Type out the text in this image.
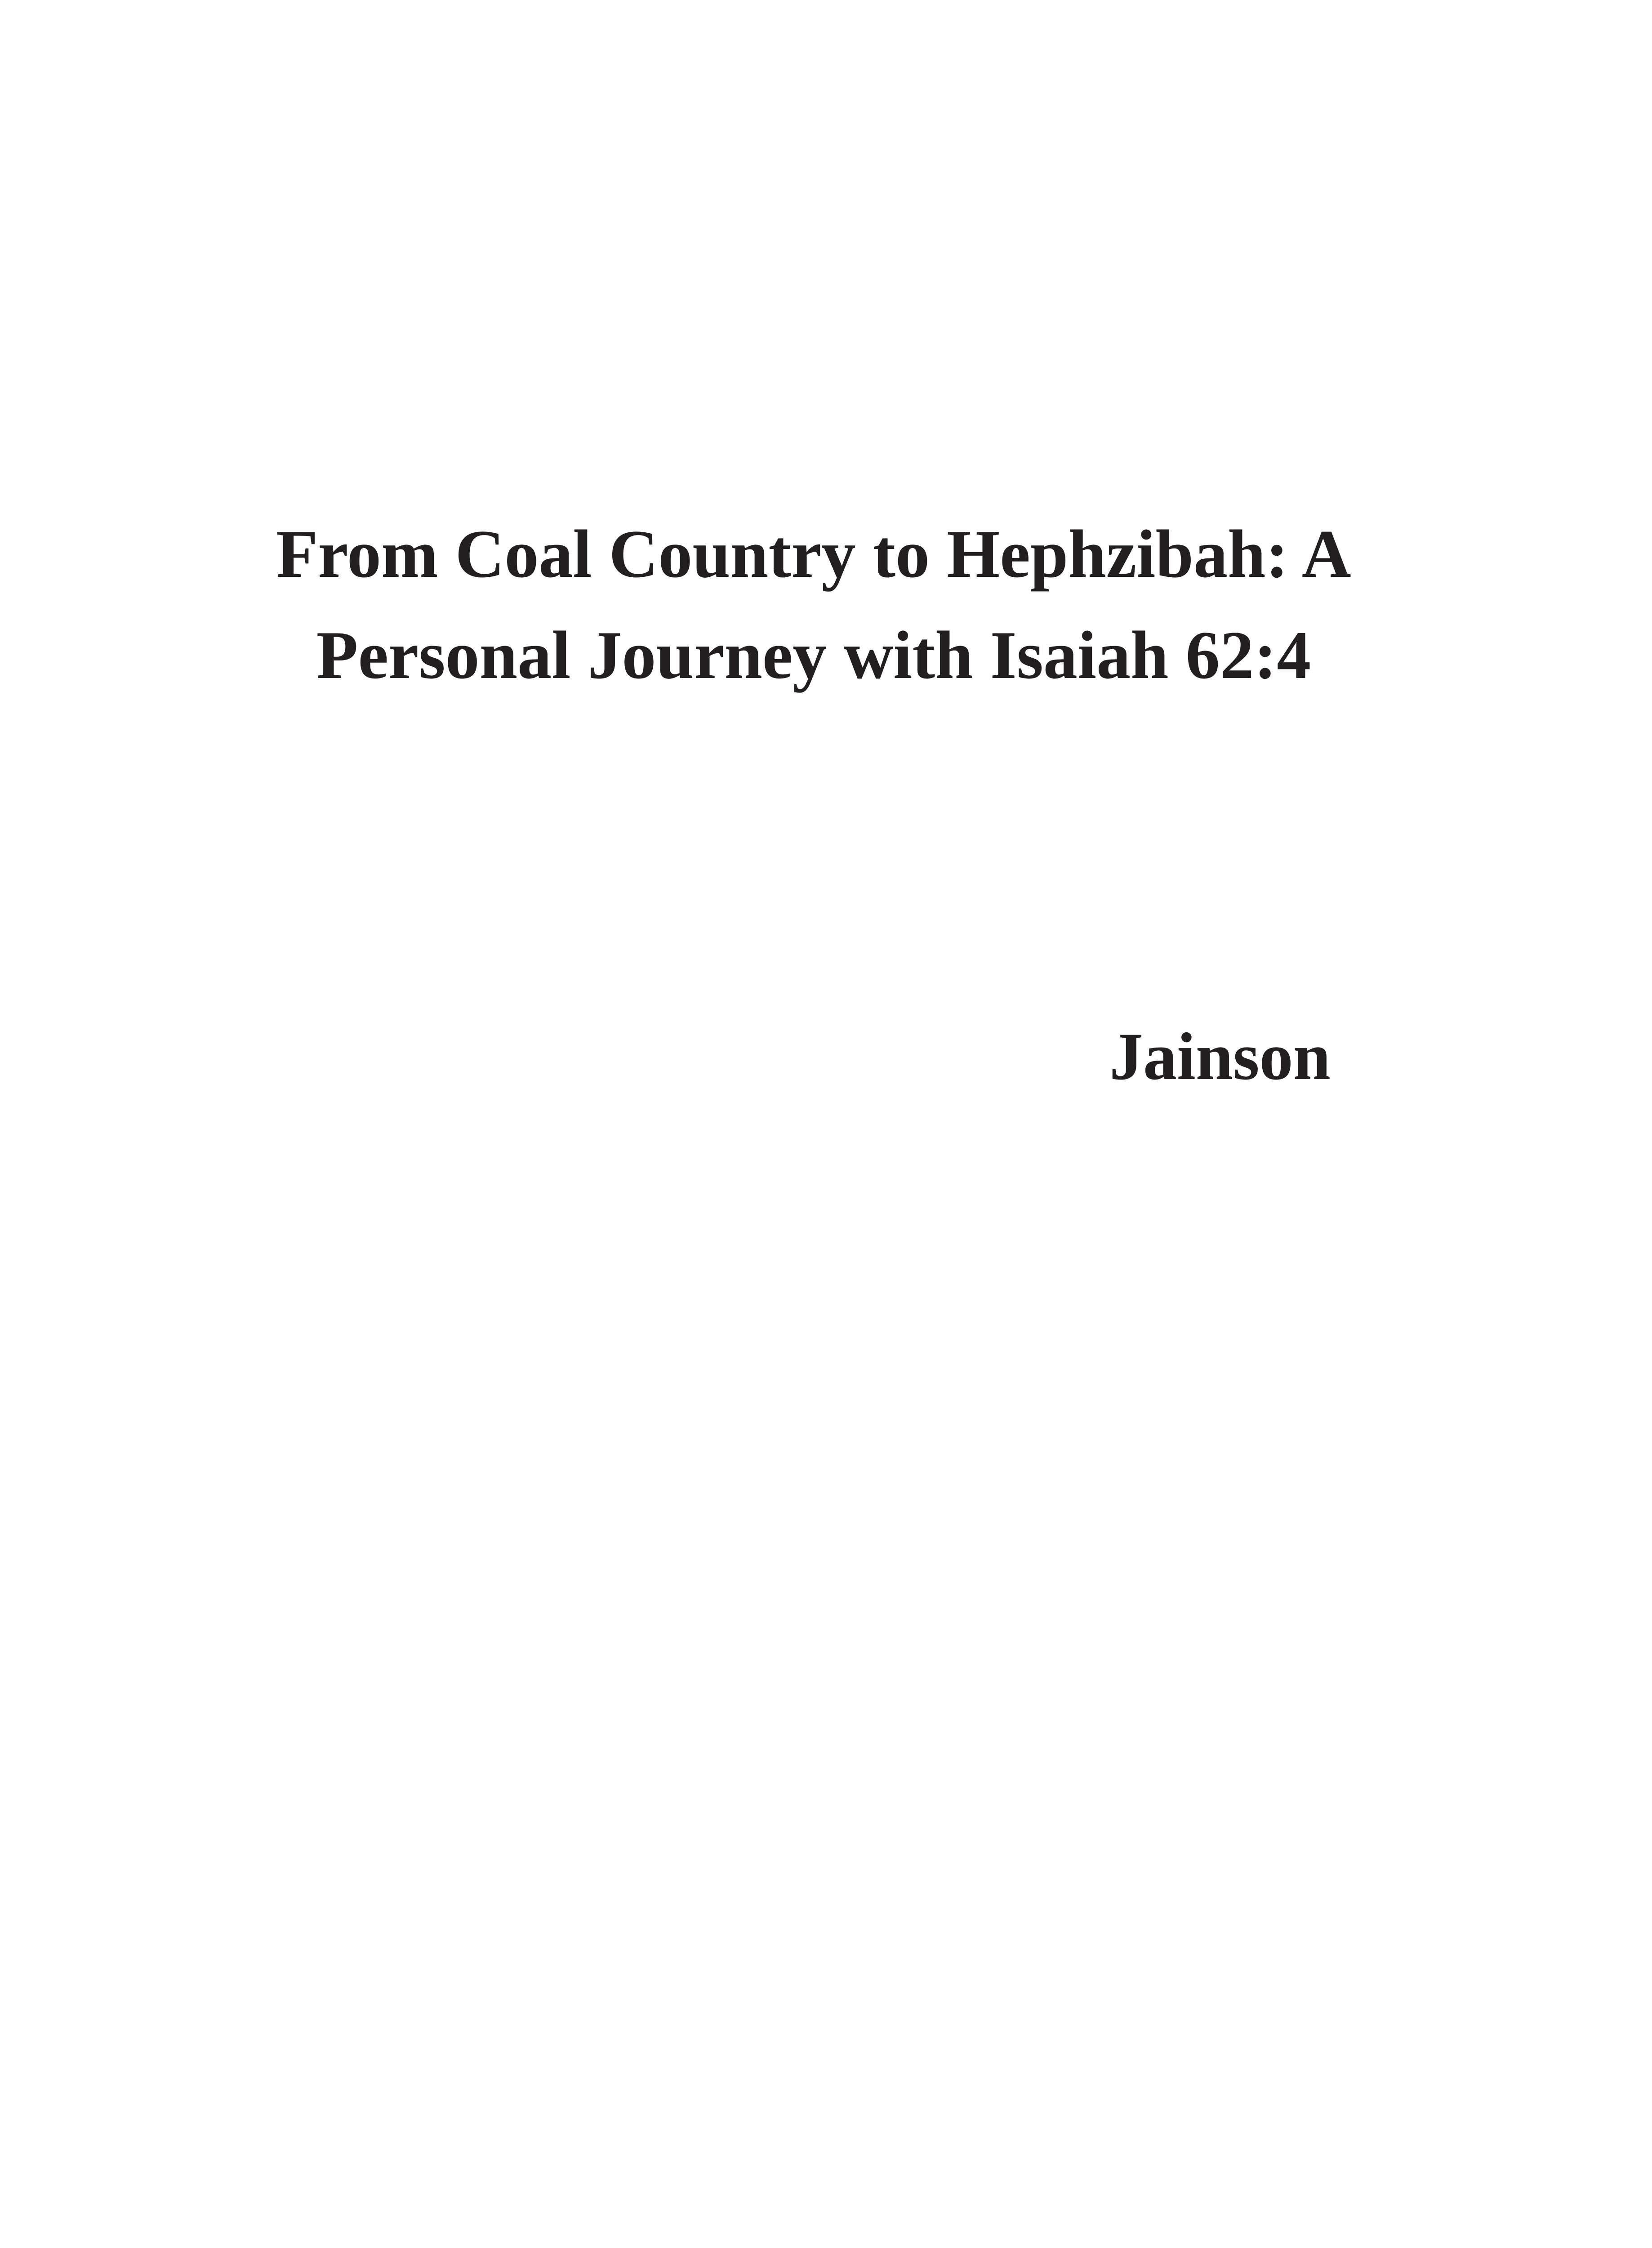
From Coal Country to Hephzibah: A
Personal Journey with Isaiah 62:4

Jainson
